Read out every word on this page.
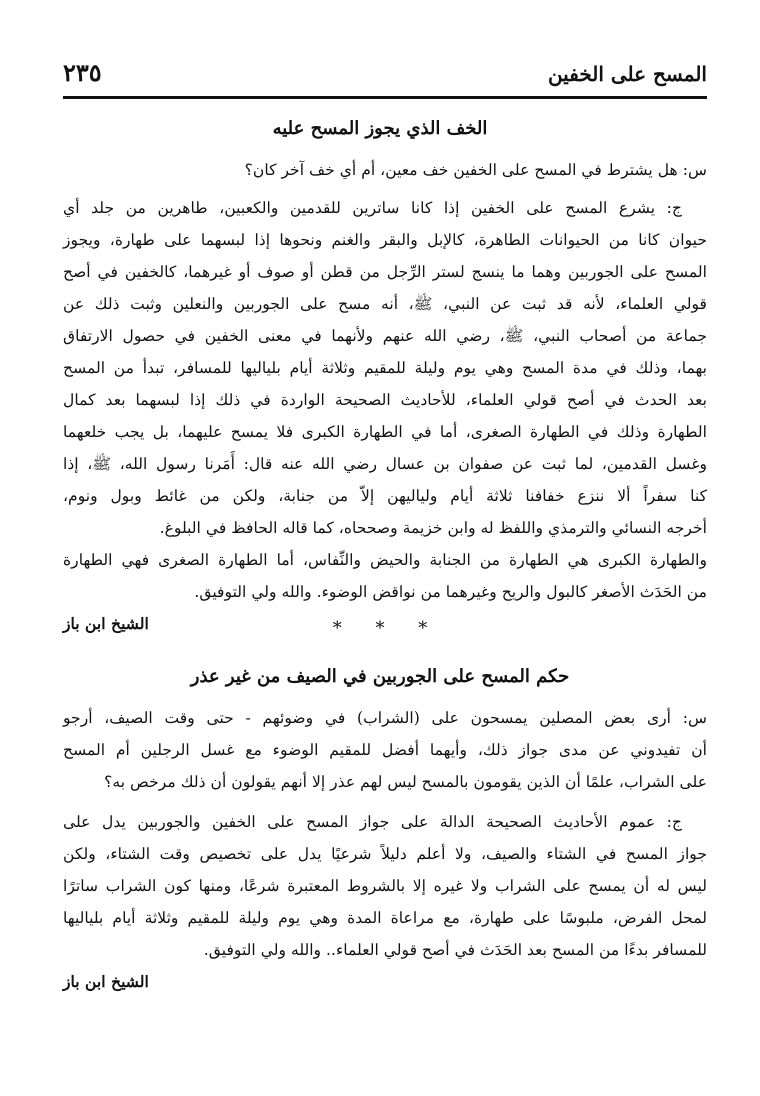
المسح على الخفين
٢٣٥
الخف الذي يجوز المسح عليه
س: هل يشترط في المسح على الخفين خف معين، أم أي خف آخر كان؟
ج: يشرع المسح على الخفين إذا كانا ساترين للقدمين والكعبين، طاهرين من جلد أي
حيوان كانا من الحيوانات الطاهرة، كالإبل والبقر والغنم ونحوها إذا لبسهما على طهارة، ويجوز
المسح على الجوربين وهما ما ينسج لستر الرِّجل من قطن أو صوف أو غيرهما، كالخفين في أصح
قولي العلماء، لأنه قد ثبت عن النبي، ﷺ، أنه مسح على الجوربين والنعلين وثبت ذلك عن
جماعة من أصحاب النبي، ﷺ، رضي الله عنهم ولأنهما في معنى الخفين في حصول الارتفاق
بهما، وذلك في مدة المسح وهي يوم وليلة للمقيم وثلاثة أيام بلياليها للمسافر، تبدأ من المسح
بعد الحدث في أصح قولي العلماء، للأحاديث الصحيحة الواردة في ذلك إذا لبسهما بعد كمال
الطهارة وذلك في الطهارة الصغرى، أما في الطهارة الكبرى فلا يمسح عليهما، بل يجب خلعهما
وغسل القدمين، لما ثبت عن صفوان بن عسال رضي الله عنه قال: أَمَرنا رسول الله، ﷺ، إذا
كنا سفراً ألا ننزع خفافنا ثلاثة أيام ولياليهن إلاّ من جنابة، ولكن من غائط وبول ونوم،
أخرجه النسائي والترمذي واللفظ له وابن خزيمة وصححاه، كما قاله الحافظ في البلوغ.
والطهارة الكبرى هي الطهارة من الجنابة والحيض والنِّفاس، أما الطهارة الصغرى فهي الطهارة
من الحَدَث الأصغر كالبول والريح وغيرهما من نواقض الوضوء. والله ولي التوفيق.
الشيخ ابن باز	* * *
حكم المسح على الجوربين في الصيف من غير عذر
س: أرى بعض المصلين يمسحون على (الشراب) في وضوئهم - حتى وقت الصيف، أرجو
أن تفيدوني عن مدى جواز ذلك، وأيهما أفضل للمقيم الوضوء مع غسل الرجلين أم المسح
على الشراب، علمًا أن الذين يقومون بالمسح ليس لهم عذر إلا أنهم يقولون أن ذلك مرخص به؟
ج: عموم الأحاديث الصحيحة الدالة على جواز المسح على الخفين والجوربين يدل على
جواز المسح في الشتاء والصيف، ولا أعلم دليلاً شرعيًا يدل على تخصيص وقت الشتاء، ولكن
ليس له أن يمسح على الشراب ولا غيره إلا بالشروط المعتبرة شرعًا، ومنها كون الشراب ساترًا
لمحل الفرض، ملبوسًا على طهارة، مع مراعاة المدة وهي يوم وليلة للمقيم وثلاثة أيام بلياليها
للمسافر بدءًا من المسح بعد الحَدَث في أصح قولي العلماء.. والله ولي التوفيق.
الشيخ ابن باز
